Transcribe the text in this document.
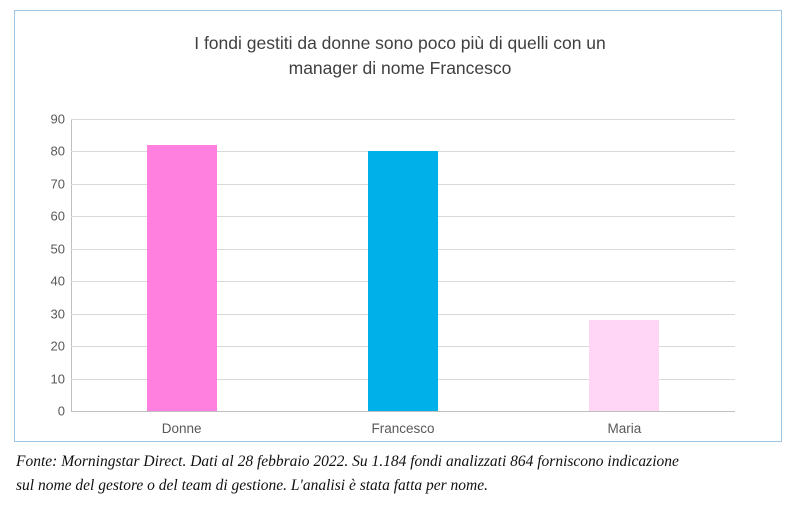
I fondi gestiti da donne sono poco più di quelli con un
manager di nome Francesco
0
10
20
30
40
50
60
70
80
90
Donne	Francesco	Maria
Fonte: Morningstar Direct. Dati al 28 febbraio 2022. Su 1.184 fondi analizzati 864 forniscono indicazione
sul nome del gestore o del team di gestione. L'analisi è stata fatta per nome.
